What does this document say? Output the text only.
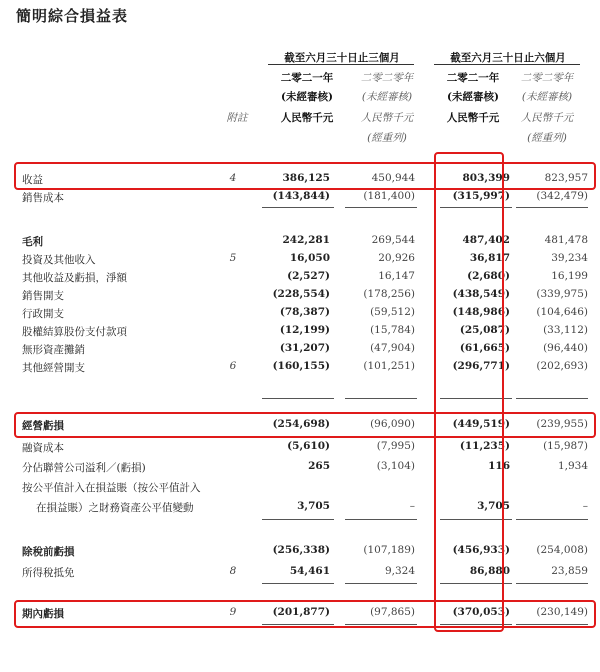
簡明綜合損益表
截至六月三十日止三個月	截至六月三十日止六個月
二零二一年	二零二零年	二零二一年	二零二零年
(未經審核)	(未經審核)	(未經審核)	(未經審核)
附註	人民幣千元	人民幣千元	人民幣千元	人民幣千元
(經重列)	(經重列)
收益	4	386,125	450,944	803,399	823,957
銷售成本	(143,844)	(181,400)	(315,997)	(342,479)
毛利	242,281	269,544	487,402	481,478
投資及其他收入	5	16,050	20,926	36,817	39,234
其他收益及虧損，淨額	(2,527)	16,147	(2,680)	16,199
銷售開支	(228,554)	(178,256)	(438,549)	(339,975)
行政開支	(78,387)	(59,512)	(148,986)	(104,646)
股權結算股份支付款項	(12,199)	(15,784)	(25,087)	(33,112)
無形資產攤銷	(31,207)	(47,904)	(61,665)	(96,440)
其他經營開支	6	(160,155)	(101,251)	(296,771)	(202,693)
經營虧損	(254,698)	(96,090)	(449,519)	(239,955)
融資成本	(5,610)	(7,995)	(11,235)	(15,987)
分佔聯營公司溢利／(虧損)	265	(3,104)	116	1,934
按公平值計入在損益賬（按公平值計入
在損益賬）之財務資產公平值變動	3,705	–	3,705	–
除稅前虧損	(256,338)	(107,189)	(456,933)	(254,008)
所得稅抵免	8	54,461	9,324	86,880	23,859
期內虧損	9	(201,877)	(97,865)	(370,053)	(230,149)
